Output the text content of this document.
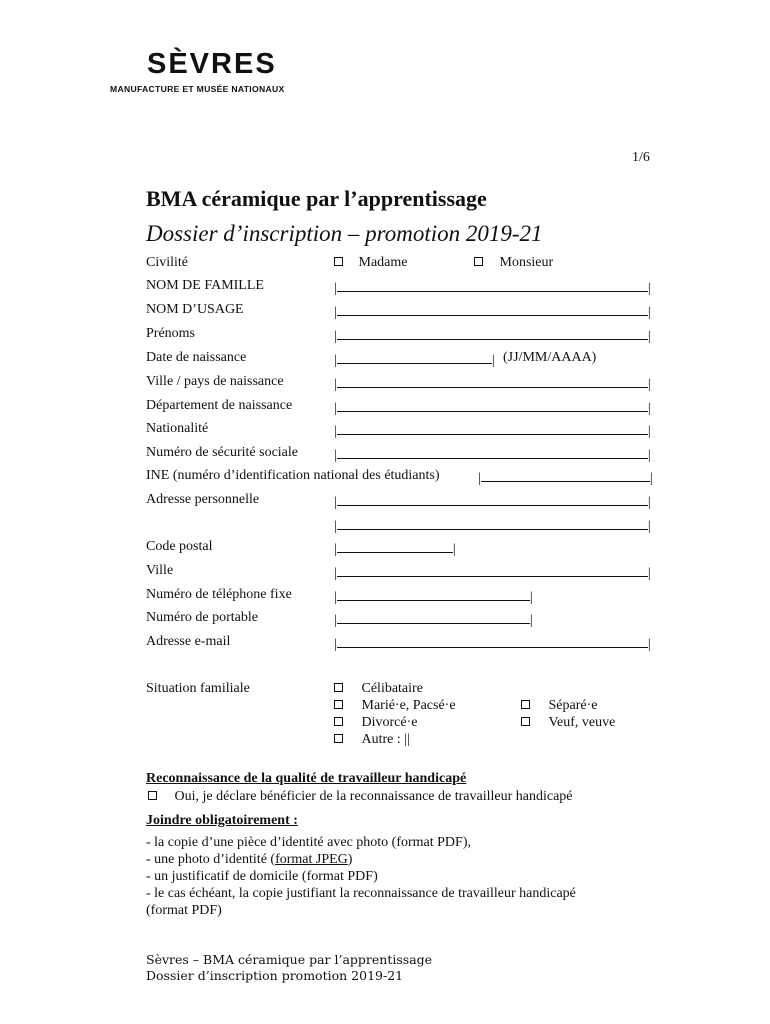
SÈVRES
MANUFACTURE ET MUSÉE NATIONAUX
1/6
BMA céramique par l’apprentissage
Dossier d’inscription – promotion 2019-21
Civilité	Madame	Monsieur
NOM DE FAMILLE	|	|
NOM D’USAGE	|	|
Prénoms	|	|
Date de naissance	|	| (JJ/MM/AAAA)
Ville / pays de naissance	|	|
Département de naissance	|	|
Nationalité	|	|
Numéro de sécurité sociale	|	|
INE (numéro d’identification national des étudiants)	|	|
Adresse personnelle	|	|
|	|
Code postal	|	|
Ville	|	|
Numéro de téléphone fixe	|	|
Numéro de portable	|	|
Adresse e-mail	|	|
Situation familiale	Célibataire
Marié·e, Pacsé·e	Séparé·e
Divorcé·e	Veuf, veuve
Autre : ||
Reconnaissance de la qualité de travailleur handicapé
Oui, je déclare bénéficier de la reconnaissance de travailleur handicapé
Joindre obligatoirement :
- la copie d’une pièce d’identité avec photo (format PDF),
- une photo d’identité (format JPEG)
- un justificatif de domicile (format PDF)
- le cas échéant, la copie justifiant la reconnaissance de travailleur handicapé
(format PDF)
Sèvres – BMA céramique par l’apprentissage
Dossier d’inscription promotion 2019-21
